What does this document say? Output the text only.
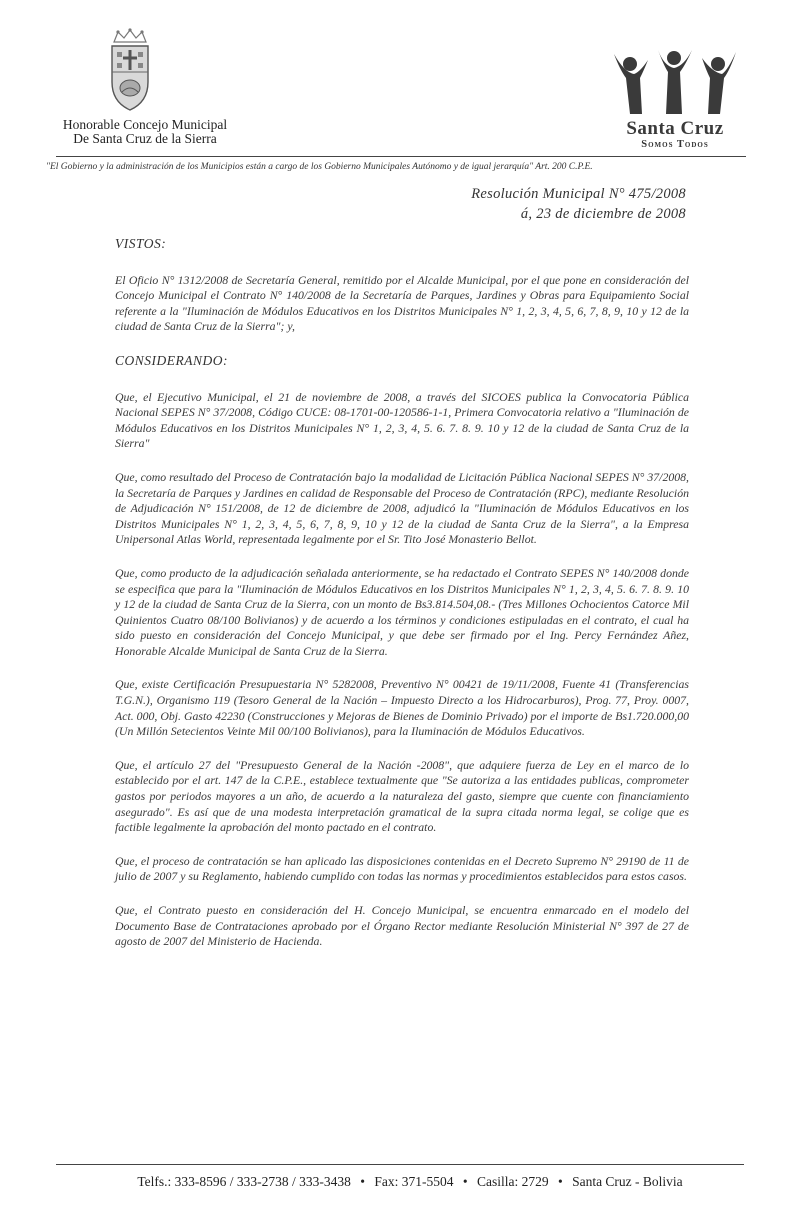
Honorable Concejo Municipal
De Santa Cruz de la Sierra	Santa Cruz
Somos Todos
"El Gobierno y la administración de los Municipios están a cargo de los Gobierno Municipales Autónomo y de igual jerarquía" Art. 200 C.P.E.
Resolución Municipal N° 475/2008
á, 23 de diciembre de 2008
VISTOS:

El Oficio N° 1312/2008 de Secretaría General, remitido por el Alcalde Municipal, por el que pone en consideración del Concejo Municipal el Contrato N° 140/2008 de la Secretaría de Parques, Jardines y Obras para Equipamiento Social referente a la "Iluminación de Módulos Educativos en los Distritos Municipales N° 1, 2, 3, 4, 5, 6, 7, 8, 9, 10 y 12 de la ciudad de Santa Cruz de la Sierra"; y,

CONSIDERANDO:

Que, el Ejecutivo Municipal, el 21 de noviembre de 2008, a través del SICOES publica la Convocatoria Pública Nacional SEPES N° 37/2008, Código CUCE: 08-1701-00-120586-1-1, Primera Convocatoria relativo a "Iluminación de Módulos Educativos en los Distritos Municipales N° 1, 2, 3, 4, 5. 6. 7. 8. 9. 10 y 12 de la ciudad de Santa Cruz de la Sierra"

Que, como resultado del Proceso de Contratación bajo la modalidad de Licitación Pública Nacional SEPES N° 37/2008, la Secretaría de Parques y Jardines en calidad de Responsable del Proceso de Contratación (RPC), mediante Resolución de Adjudicación N° 151/2008, de 12 de diciembre de 2008, adjudicó la "Iluminación de Módulos Educativos en los Distritos Municipales N° 1, 2, 3, 4, 5, 6, 7, 8, 9, 10 y 12 de la ciudad de Santa Cruz de la Sierra", a la Empresa Unipersonal Atlas World, representada legalmente por el Sr. Tito José Monasterio Bellot.

Que, como producto de la adjudicación señalada anteriormente, se ha redactado el Contrato SEPES N° 140/2008 donde se especifica que para la "Iluminación de Módulos Educativos en los Distritos Municipales N° 1, 2, 3, 4, 5. 6. 7. 8. 9. 10 y 12 de la ciudad de Santa Cruz de la Sierra, con un monto de Bs3.814.504,08.- (Tres Millones Ochocientos Catorce Mil Quinientos Cuatro 08/100 Bolivianos) y de acuerdo a los términos y condiciones estipuladas en el contrato, el cual ha sido puesto en consideración del Concejo Municipal, y que debe ser firmado por el Ing. Percy Fernández Añez, Honorable Alcalde Municipal de Santa Cruz de la Sierra.

Que, existe Certificación Presupuestaria N° 5282008, Preventivo N° 00421 de 19/11/2008, Fuente 41 (Transferencias T.G.N.), Organismo 119 (Tesoro General de la Nación – Impuesto Directo a los Hidrocarburos), Prog. 77, Proy. 0007, Act. 000, Obj. Gasto 42230 (Construcciones y Mejoras de Bienes de Dominio Privado) por el importe de Bs1.720.000,00 (Un Millón Setecientos Veinte Mil 00/100 Bolivianos), para la Iluminación de Módulos Educativos.

Que, el artículo 27 del "Presupuesto General de la Nación -2008", que adquiere fuerza de Ley en el marco de lo establecido por el art. 147 de la C.P.E., establece textualmente que "Se autoriza a las entidades publicas, comprometer gastos por periodos mayores a un año, de acuerdo a la naturaleza del gasto, siempre que cuente con financiamiento asegurado". Es así que de una modesta interpretación gramatical de la supra citada norma legal, se colige que es factible legalmente la aprobación del monto pactado en el contrato.

Que, el proceso de contratación se han aplicado las disposiciones contenidas en el Decreto Supremo N° 29190 de 11 de julio de 2007 y su Reglamento, habiendo cumplido con todas las normas y procedimientos establecidos para estos casos.

Que, el Contrato puesto en consideración del H. Concejo Municipal, se encuentra enmarcado en el modelo del Documento Base de Contrataciones aprobado por el Órgano Rector mediante Resolución Ministerial N° 397 de 27 de agosto de 2007 del Ministerio de Hacienda.

Telfs.: 333-8596 / 333-2738 / 333-3438 • Fax: 371-5504 • Casilla: 2729 • Santa Cruz - Bolivia
